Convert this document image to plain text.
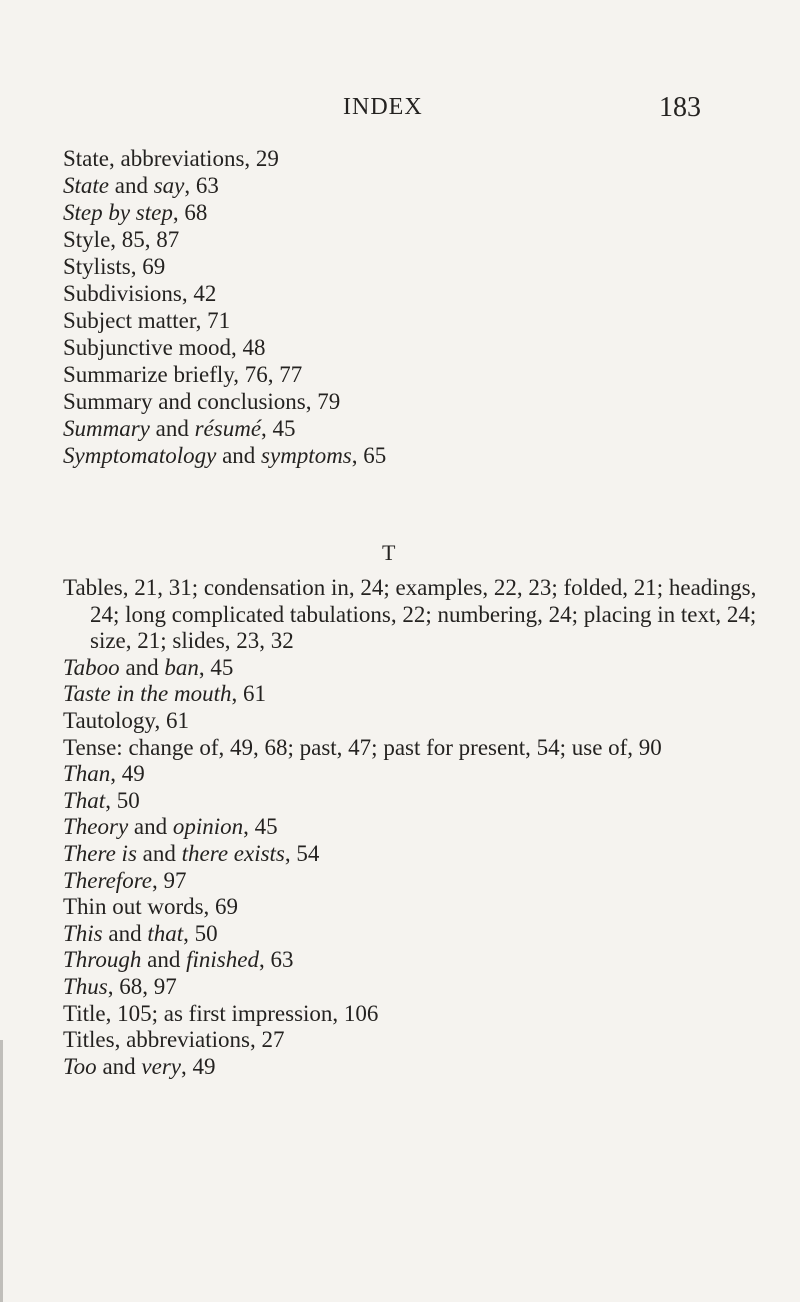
INDEX	183

State, abbreviations, 29

State and say, 63

Step by step, 68

Style, 85, 87

Stylists, 69

Subdivisions, 42

Subject matter, 71

Subjunctive mood, 48

Summarize briefly, 76, 77

Summary and conclusions, 79

Summary and résumé, 45

Symptomatology and symptoms, 65

T

Tables, 21, 31; condensation in, 24; examples, 22, 23; folded, 21; headings, 24; long complicated tabulations, 22; numbering, 24; placing in text, 24; size, 21; slides, 23, 32

Taboo and ban, 45

Taste in the mouth, 61

Tautology, 61

Tense: change of, 49, 68; past, 47; past for present, 54; use of, 90

Than, 49

That, 50

Theory and opinion, 45

There is and there exists, 54

Therefore, 97

Thin out words, 69

This and that, 50

Through and finished, 63

Thus, 68, 97

Title, 105; as first impression, 106

Titles, abbreviations, 27

Too and very, 49
